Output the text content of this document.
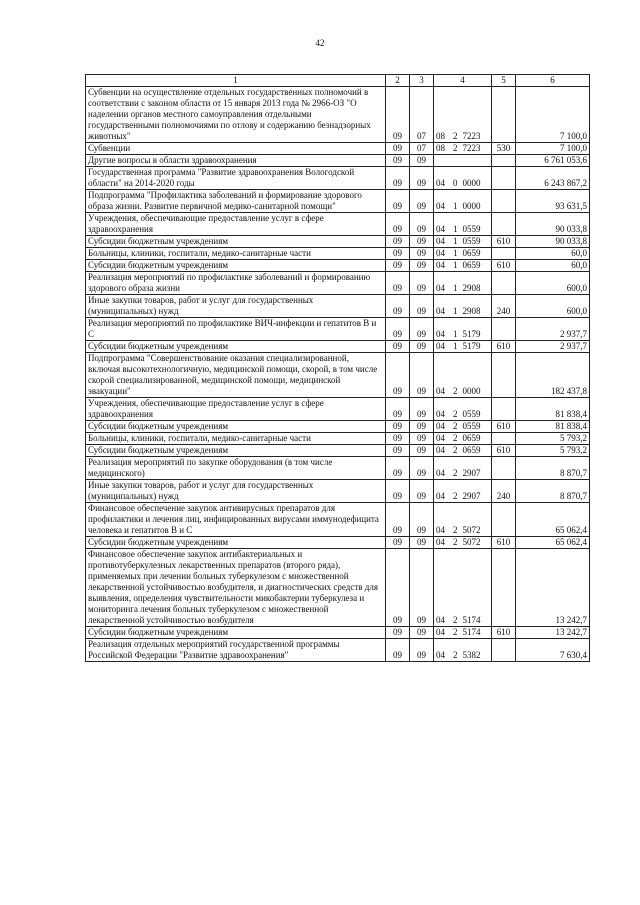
42
1	2	3	4	5	6
Субвенции на осуществление отдельных государственных полномочий в соответствии с законом области от 15 января 2013 года № 2966-ОЗ "О наделении органов местного самоуправления отдельными государственными полномочиями по отлову и содержанию безнадзорных животных"	09	07	08 2 7223		7 100,0
Субвенции	09	07	08 2 7223	530	7 100,0
Другие вопросы в области здравоохранения	09	09			6 761 053,6
Государственная программа "Развитие здравоохранения Вологодской области" на 2014-2020 годы	09	09	04 0 0000		6 243 867,2
Подпрограмма "Профилактика заболеваний и формирование здорового образа жизни. Развитие первичной медико-санитарной помощи"	09	09	04 1 0000		93 631,5
Учреждения, обеспечивающие предоставление услуг в сфере здравоохранения	09	09	04 1 0559		90 033,8
Субсидии бюджетным учреждениям	09	09	04 1 0559	610	90 033,8
Больницы, клиники, госпитали, медико-санитарные части	09	09	04 1 0659		60,0
Субсидии бюджетным учреждениям	09	09	04 1 0659	610	60,0
Реализация мероприятий по профилактике заболеваний и формированию здорового образа жизни	09	09	04 1 2908		600,0
Иные закупки товаров, работ и услуг для государственных (муниципальных) нужд	09	09	04 1 2908	240	600,0
Реализация мероприятий по профилактике ВИЧ-инфекции и гепатитов В и С	09	09	04 1 5179		2 937,7
Субсидии бюджетным учреждениям	09	09	04 1 5179	610	2 937,7
Подпрограмма "Совершенствование оказания специализированной, включая высокотехнологичную, медицинской помощи, скорой, в том числе скорой специализированной, медицинской помощи, медицинской эвакуации"	09	09	04 2 0000		182 437,8
Учреждения, обеспечивающие предоставление услуг в сфере здравоохранения	09	09	04 2 0559		81 838,4
Субсидии бюджетным учреждениям	09	09	04 2 0559	610	81 838,4
Больницы, клиники, госпитали, медико-санитарные части	09	09	04 2 0659		5 793,2
Субсидии бюджетным учреждениям	09	09	04 2 0659	610	5 793,2
Реализация мероприятий по закупке оборудования (в том числе медицинского)	09	09	04 2 2907		8 870,7
Иные закупки товаров, работ и услуг для государственных (муниципальных) нужд	09	09	04 2 2907	240	8 870,7
Финансовое обеспечение закупок антивирусных препаратов для профилактики и лечения лиц, инфицированных вирусами иммунодефицита человека и гепатитов В и С	09	09	04 2 5072		65 062,4
Субсидии бюджетным учреждениям	09	09	04 2 5072	610	65 062,4
Финансовое обеспечение закупок антибактериальных и противотуберкулезных лекарственных препаратов (второго ряда), применяемых при лечении больных туберкулезом с множественной лекарственной устойчивостью возбудителя, и диагностических средств для выявления, определения чувствительности микобактерии туберкулеза и мониторинга лечения больных туберкулезом с множественной лекарственной устойчивостью возбудителя	09	09	04 2 5174		13 242,7
Субсидии бюджетным учреждениям	09	09	04 2 5174	610	13 242,7
Реализация отдельных мероприятий государственной программы Российской Федерации "Развитие здравоохранения"	09	09	04 2 5382		7 630,4
